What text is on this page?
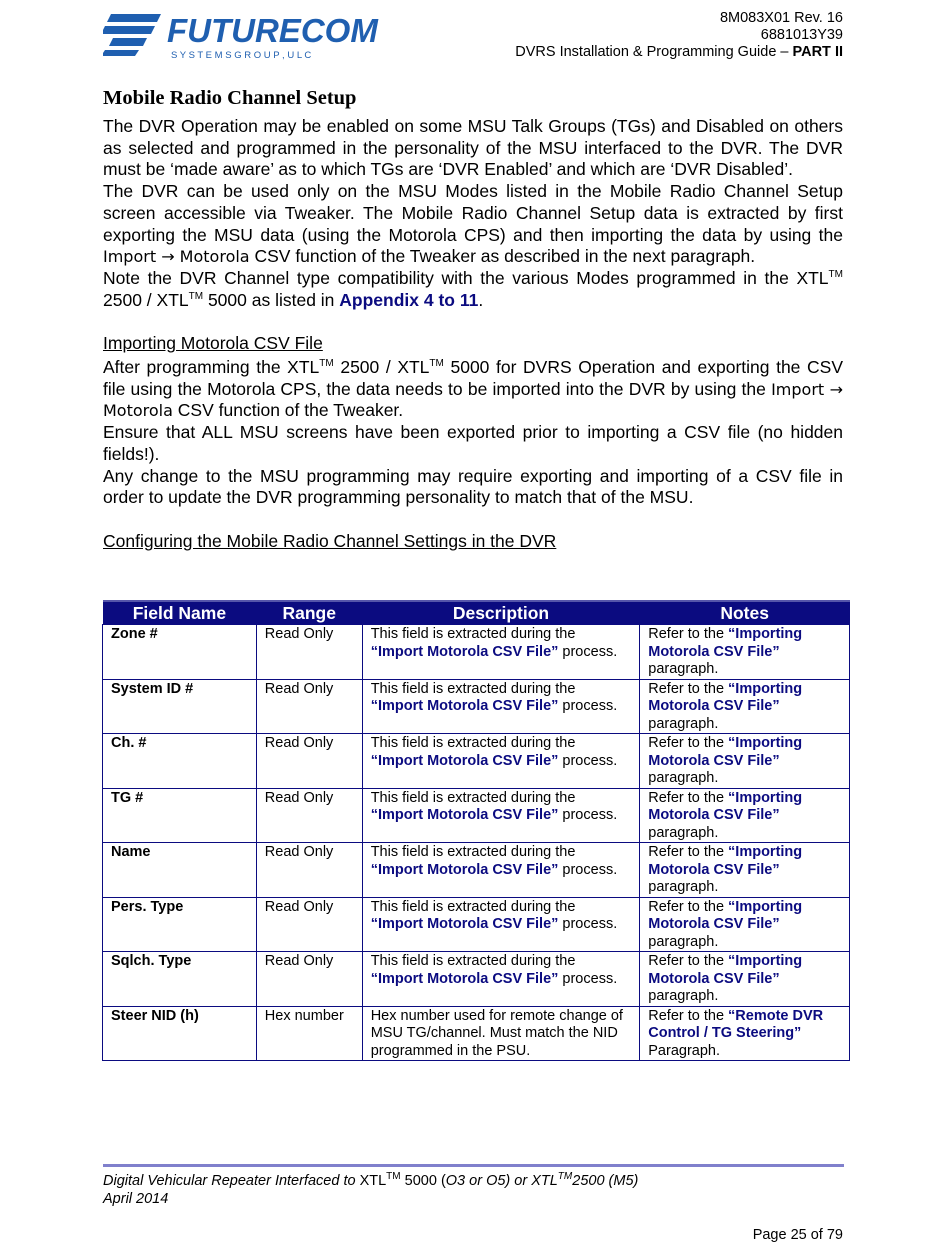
FUTURECOM
S Y S T E M S G R O U P , U L C
8M083X01 Rev. 16
6881013Y39
DVRS Installation & Programming Guide – PART II
Mobile Radio Channel Setup

The DVR Operation may be enabled on some MSU Talk Groups (TGs) and Disabled on others as selected and programmed in the personality of the MSU interfaced to the DVR. The DVR must be ‘made aware’ as to which TGs are ‘DVR Enabled’ and which are ‘DVR Disabled’.

The DVR can be used only on the MSU Modes listed in the Mobile Radio Channel Setup screen accessible via Tweaker. The Mobile Radio Channel Setup data is extracted by first exporting the MSU data (using the Motorola CPS) and then importing the data by using the Import → Motorola CSV function of the Tweaker as described in the next paragraph.

Note the DVR Channel type compatibility with the various Modes programmed in the XTL™ 2500 / XTL™ 5000 as listed in Appendix 4 to 11.

Importing Motorola CSV File

After programming the XTL™ 2500 / XTL™ 5000 for DVRS Operation and exporting the CSV file using the Motorola CPS, the data needs to be imported into the DVR by using the Import → Motorola CSV function of the Tweaker.

Ensure that ALL MSU screens have been exported prior to importing a CSV file (no hidden fields!).

Any change to the MSU programming may require exporting and importing of a CSV file in order to update the DVR programming personality to match that of the MSU.

Configuring the Mobile Radio Channel Settings in the DVR

Field Name	Range	Description	Notes
Zone #	Read Only	This field is extracted during the “Import Motorola CSV File” process.	Refer to the “Importing Motorola CSV File” paragraph.
System ID #	Read Only	This field is extracted during the “Import Motorola CSV File” process.	Refer to the “Importing Motorola CSV File” paragraph.
Ch. #	Read Only	This field is extracted during the “Import Motorola CSV File” process.	Refer to the “Importing Motorola CSV File” paragraph.
TG #	Read Only	This field is extracted during the “Import Motorola CSV File” process.	Refer to the “Importing Motorola CSV File” paragraph.
Name	Read Only	This field is extracted during the “Import Motorola CSV File” process.	Refer to the “Importing Motorola CSV File” paragraph.
Pers. Type	Read Only	This field is extracted during the “Import Motorola CSV File” process.	Refer to the “Importing Motorola CSV File” paragraph.
Sqlch. Type	Read Only	This field is extracted during the “Import Motorola CSV File” process.	Refer to the “Importing Motorola CSV File” paragraph.
Steer NID (h)	Hex number	Hex number used for remote change of MSU TG/channel. Must match the NID programmed in the PSU.	Refer to the “Remote DVR Control / TG Steering” Paragraph.
Digital Vehicular Repeater Interfaced to XTL™ 5000 (O3 or O5) or XTL™2500 (M5)
April 2014
Page 25 of 79
